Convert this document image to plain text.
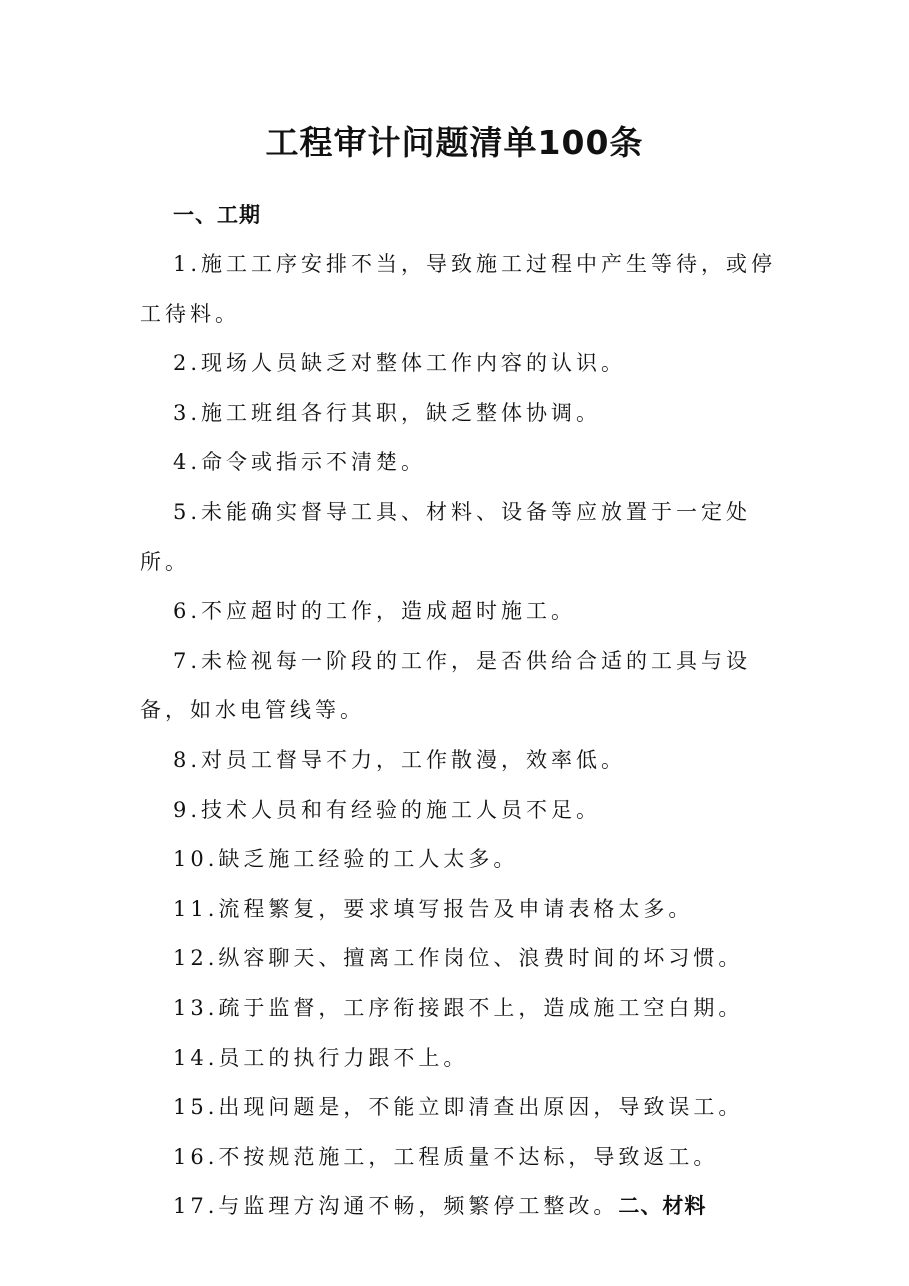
工程审计问题清单100条
一、工期

1.施工工序安排不当，导致施工过程中产生等待，或停工待料。

2.现场人员缺乏对整体工作内容的认识。

3.施工班组各行其职，缺乏整体协调。

4.命令或指示不清楚。

5.未能确实督导工具、材料、设备等应放置于一定处所。

6.不应超时的工作，造成超时施工。

7.未检视每一阶段的工作，是否供给合适的工具与设备，如水电管线等。

8.对员工督导不力，工作散漫，效率低。

9.技术人员和有经验的施工人员不足。

10.缺乏施工经验的工人太多。

11.流程繁复，要求填写报告及申请表格太多。

12.纵容聊天、擅离工作岗位、浪费时间的坏习惯。

13.疏于监督，工序衔接跟不上，造成施工空白期。

14.员工的执行力跟不上。

15.出现问题是，不能立即清查出原因，导致误工。

16.不按规范施工，工程质量不达标，导致返工。

17.与监理方沟通不畅，频繁停工整改。二、材料
